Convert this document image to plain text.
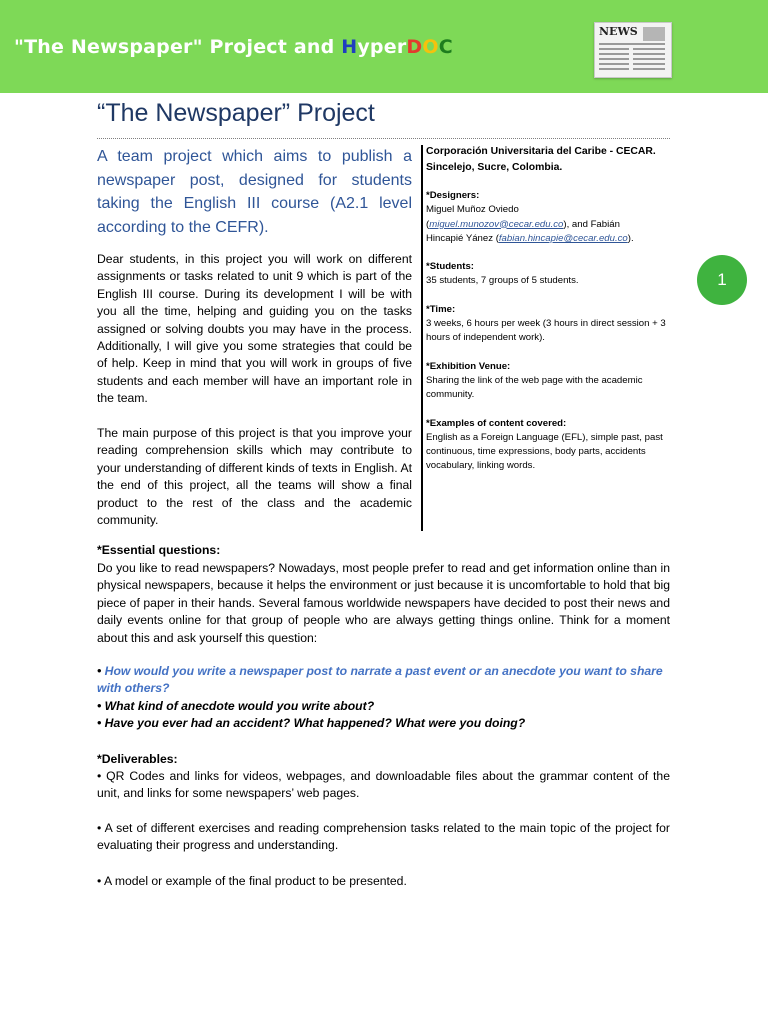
"The Newspaper" Project and HyperDOC
NEWS
“The Newspaper” Project
A team project which aims to publish a newspaper post, designed for students taking the English III course (A2.1 level according to the CEFR).
Dear students, in this project you will work on different assignments or tasks related to unit 9 which is part of the English III course. During its development I will be with you all the time, helping and guiding you on the tasks assigned or solving doubts you may have in the process. Additionally, I will give you some strategies that could be of help. Keep in mind that you will work in groups of five students and each member will have an important role in the team.
The main purpose of this project is that you improve your reading comprehension skills which may contribute to your understanding of different kinds of texts in English. At the end of this project, all the teams will show a final product to the rest of the class and the academic community.
Corporación Universitaria del Caribe - CECAR. Sincelejo, Sucre, Colombia.
*Designers:
Miguel Muñoz Oviedo
(miguel.munozov@cecar.edu.co), and Fabián
Hincapié Yánez (fabian.hincapie@cecar.edu.co).
*Students:
35 students, 7 groups of 5 students.
*Time:
3 weeks, 6 hours per week (3 hours in direct session + 3 hours of independent work).
*Exhibition Venue:
Sharing the link of the web page with the academic community.
*Examples of content covered:
English as a Foreign Language (EFL), simple past, past continuous, time expressions, body parts, accidents vocabulary, linking words.
1
*Essential questions:
Do you like to read newspapers? Nowadays, most people prefer to read and get information online than in physical newspapers, because it helps the environment or just because it is uncomfortable to hold that big piece of paper in their hands. Several famous worldwide newspapers have decided to post their news and daily events online for that group of people who are always getting things online. Think for a moment about this and ask yourself this question:
• How would you write a newspaper post to narrate a past event or an anecdote you want to share with others?
• What kind of anecdote would you write about?
• Have you ever had an accident? What happened? What were you doing?
*Deliverables:
• QR Codes and links for videos, webpages, and downloadable files about the grammar content of the unit, and links for some newspapers’ web pages.
• A set of different exercises and reading comprehension tasks related to the main topic of the project for evaluating their progress and understanding.
• A model or example of the final product to be presented.
